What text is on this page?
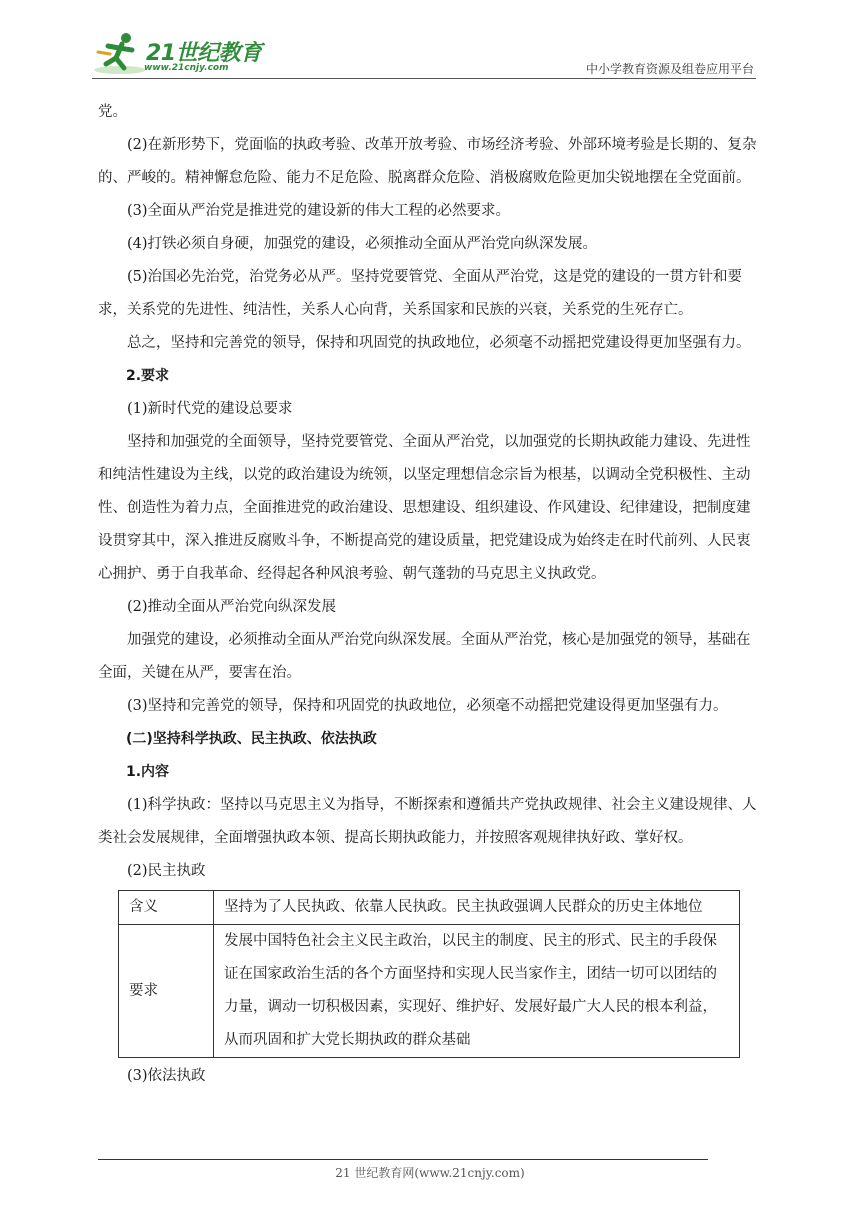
21世纪教育
www.21cnjy.com	中小学教育资源及组卷应用平台

党。

(2)在新形势下，党面临的执政考验、改革开放考验、市场经济考验、外部环境考验是长期的、复杂的、严峻的。精神懈怠危险、能力不足危险、脱离群众危险、消极腐败危险更加尖锐地摆在全党面前。

(3)全面从严治党是推进党的建设新的伟大工程的必然要求。

(4)打铁必须自身硬，加强党的建设，必须推动全面从严治党向纵深发展。

(5)治国必先治党，治党务必从严。坚持党要管党、全面从严治党，这是党的建设的一贯方针和要求，关系党的先进性、纯洁性，关系人心向背，关系国家和民族的兴衰，关系党的生死存亡。

总之，坚持和完善党的领导，保持和巩固党的执政地位，必须毫不动摇把党建设得更加坚强有力。

2.要求

(1)新时代党的建设总要求

坚持和加强党的全面领导，坚持党要管党、全面从严治党，以加强党的长期执政能力建设、先进性和纯洁性建设为主线，以党的政治建设为统领，以坚定理想信念宗旨为根基，以调动全党积极性、主动性、创造性为着力点，全面推进党的政治建设、思想建设、组织建设、作风建设、纪律建设，把制度建设贯穿其中，深入推进反腐败斗争，不断提高党的建设质量，把党建设成为始终走在时代前列、人民衷心拥护、勇于自我革命、经得起各种风浪考验、朝气蓬勃的马克思主义执政党。

(2)推动全面从严治党向纵深发展

加强党的建设，必须推动全面从严治党向纵深发展。全面从严治党，核心是加强党的领导，基础在全面，关键在从严，要害在治。

(3)坚持和完善党的领导，保持和巩固党的执政地位，必须毫不动摇把党建设得更加坚强有力。

(二)坚持科学执政、民主执政、依法执政

1.内容

(1)科学执政：坚持以马克思主义为指导，不断探索和遵循共产党执政规律、社会主义建设规律、人类社会发展规律，全面增强执政本领、提高长期执政能力，并按照客观规律执好政、掌好权。

(2)民主执政

含义	坚持为了人民执政、依靠人民执政。民主执政强调人民群众的历史主体地位
要求	发展中国特色社会主义民主政治，以民主的制度、民主的形式、民主的手段保证在国家政治生活的各个方面坚持和实现人民当家作主，团结一切可以团结的力量，调动一切积极因素，实现好、维护好、发展好最广大人民的根本利益，从而巩固和扩大党长期执政的群众基础

(3)依法执政

21 世纪教育网(www.21cnjy.com)
